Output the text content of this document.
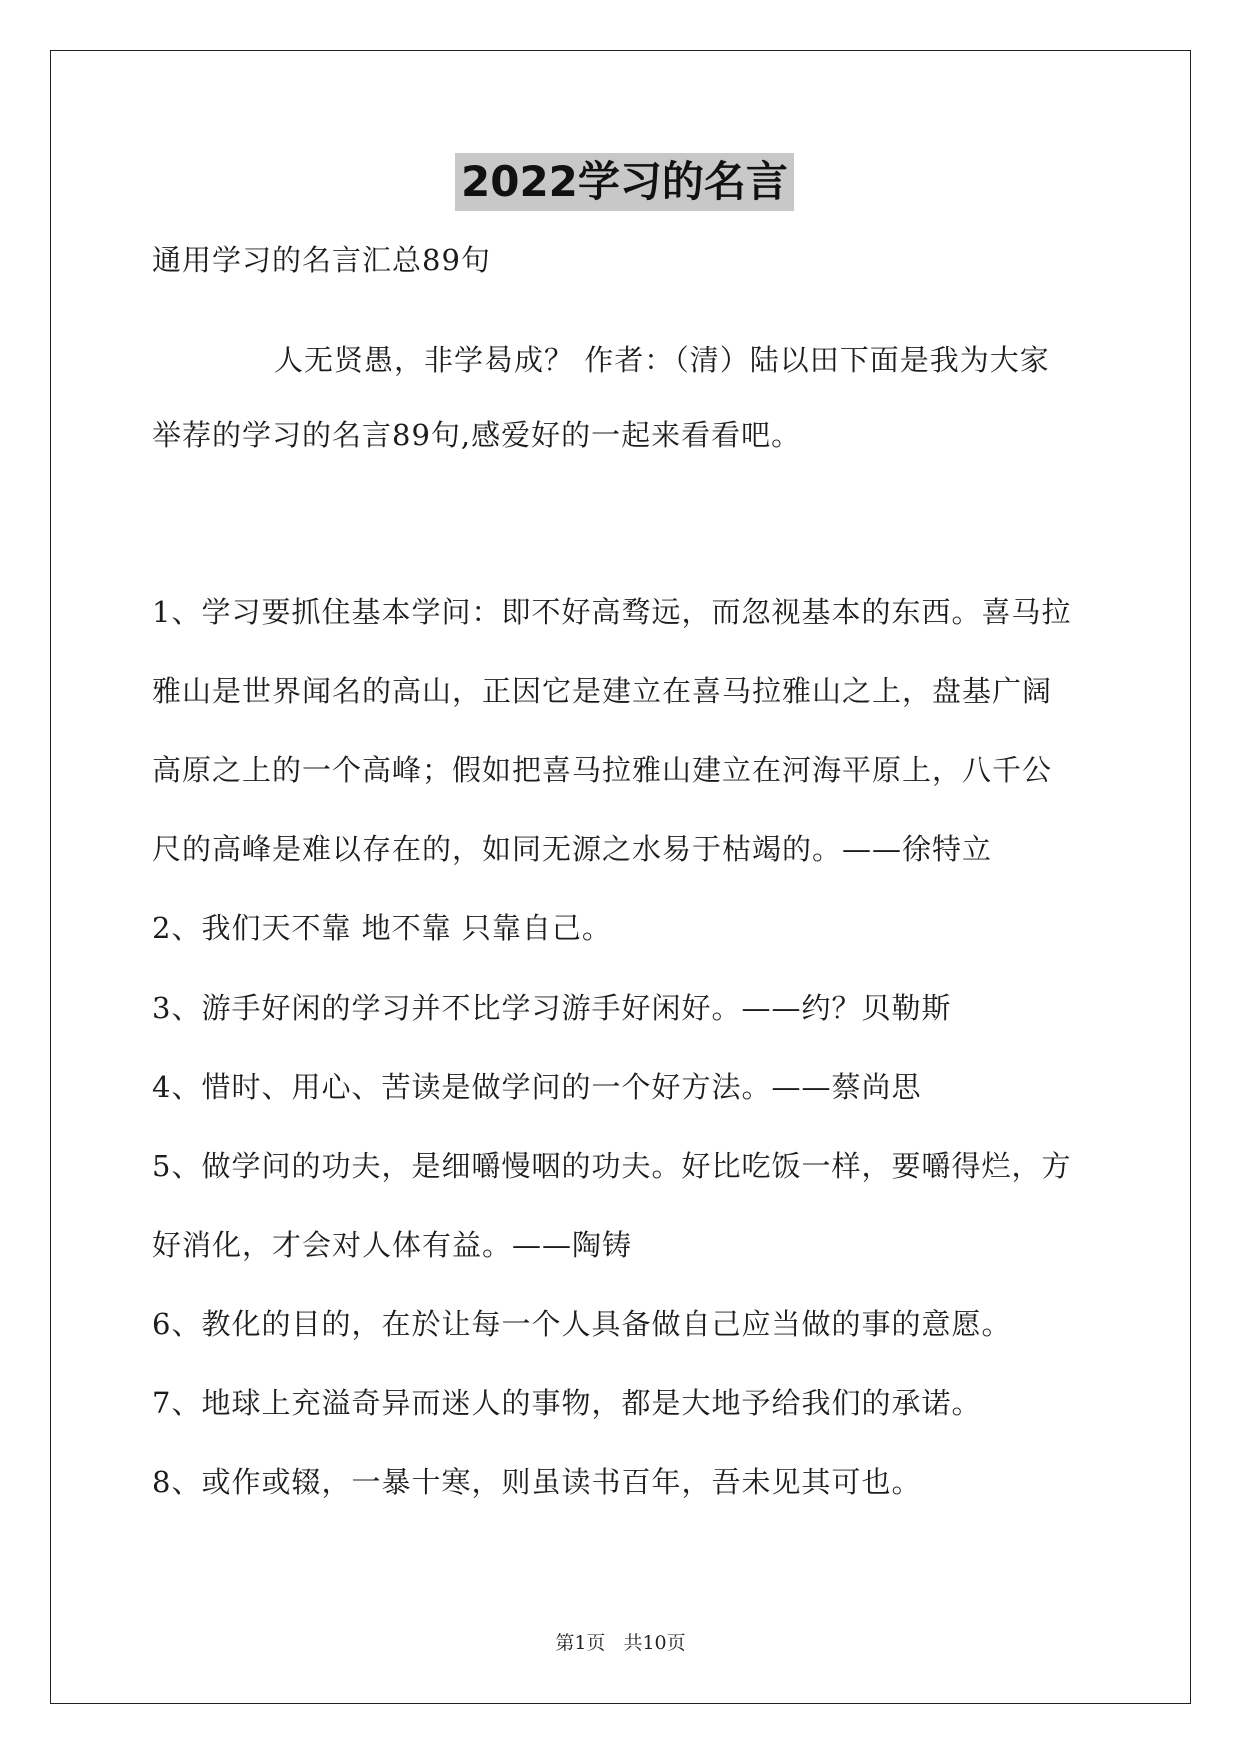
2022学习的名言
通用学习的名言汇总89句
人无贤愚，非学曷成？ 作者：（清）陆以田下面是我为大家
举荐的学习的名言89句,感爱好的一起来看看吧。
1、学习要抓住基本学问：即不好高骛远，而忽视基本的东西。喜马拉
雅山是世界闻名的高山，正因它是建立在喜马拉雅山之上，盘基广阔
高原之上的一个高峰；假如把喜马拉雅山建立在河海平原上，八千公
尺的高峰是难以存在的，如同无源之水易于枯竭的。——徐特立
2、我们天不靠 地不靠 只靠自己。
3、游手好闲的学习并不比学习游手好闲好。——约？贝勒斯
4、惜时、用心、苦读是做学问的一个好方法。——蔡尚思
5、做学问的功夫，是细嚼慢咽的功夫。好比吃饭一样，要嚼得烂，方
好消化，才会对人体有益。——陶铸
6、教化的目的，在於让每一个人具备做自己应当做的事的意愿。
7、地球上充溢奇异而迷人的事物，都是大地予给我们的承诺。
8、或作或辍，一暴十寒，则虽读书百年，吾未见其可也。
第1页 共10页
